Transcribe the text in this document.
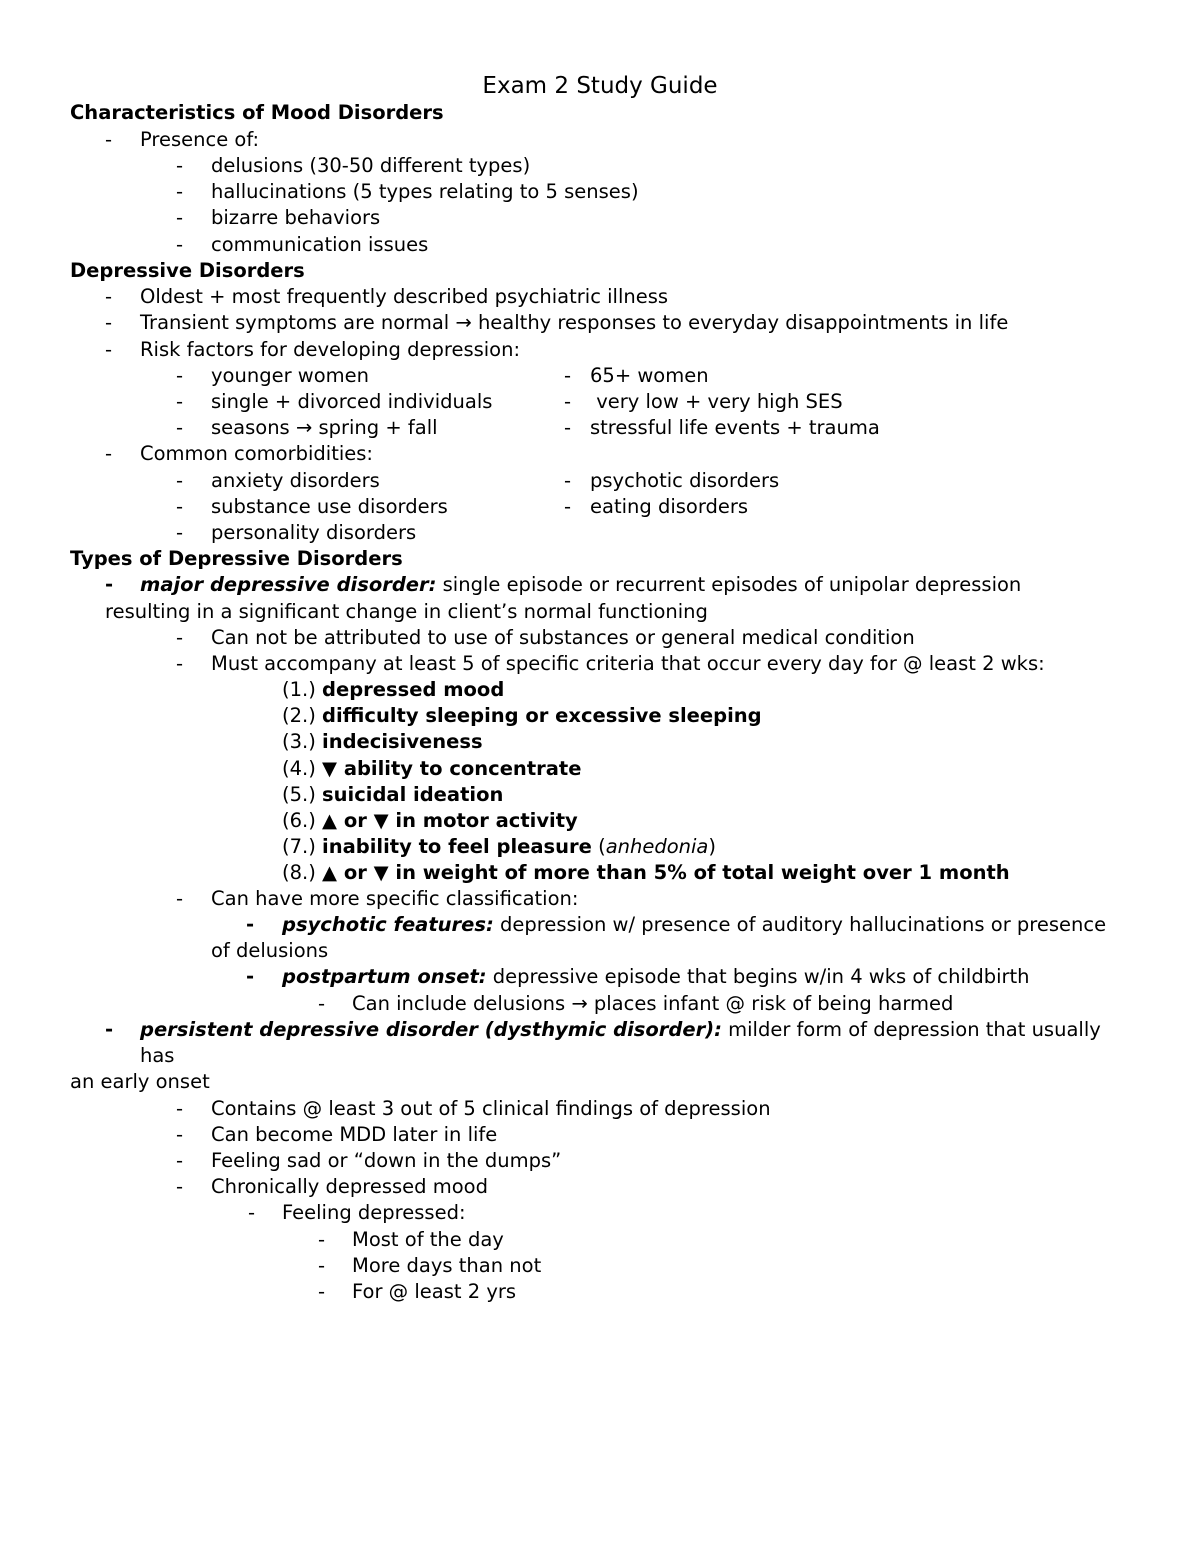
Exam 2 Study Guide
Characteristics of Mood Disorders
- Presence of:
- delusions (30-50 different types)
- hallucinations (5 types relating to 5 senses)
- bizarre behaviors
- communication issues
Depressive Disorders
- Oldest + most frequently described psychiatric illness
- Transient symptoms are normal → healthy responses to everyday disappointments in life
- Risk factors for developing depression:
- younger women	- 65+ women
- single + divorced individuals	- very low + very high SES
- seasons → spring + fall	- stressful life events + trauma
- Common comorbidities:
- anxiety disorders	- psychotic disorders
- substance use disorders	- eating disorders
- personality disorders
Types of Depressive Disorders
- major depressive disorder: single episode or recurrent episodes of unipolar depression
resulting in a significant change in client’s normal functioning
- Can not be attributed to use of substances or general medical condition
- Must accompany at least 5 of specific criteria that occur every day for @ least 2 wks:
(1.) depressed mood
(2.) difficulty sleeping or excessive sleeping
(3.) indecisiveness
(4.) ▼ ability to concentrate
(5.) suicidal ideation
(6.) ▲ or ▼ in motor activity
(7.) inability to feel pleasure (anhedonia)
(8.) ▲ or ▼ in weight of more than 5% of total weight over 1 month
- Can have more specific classification:
- psychotic features: depression w/ presence of auditory hallucinations or presence
of delusions
- postpartum onset: depressive episode that begins w/in 4 wks of childbirth
- Can include delusions → places infant @ risk of being harmed
- persistent depressive disorder (dysthymic disorder): milder form of depression that usually
has
an early onset
- Contains @ least 3 out of 5 clinical findings of depression
- Can become MDD later in life
- Feeling sad or “down in the dumps”
- Chronically depressed mood
- Feeling depressed:
- Most of the day
- More days than not
- For @ least 2 yrs
